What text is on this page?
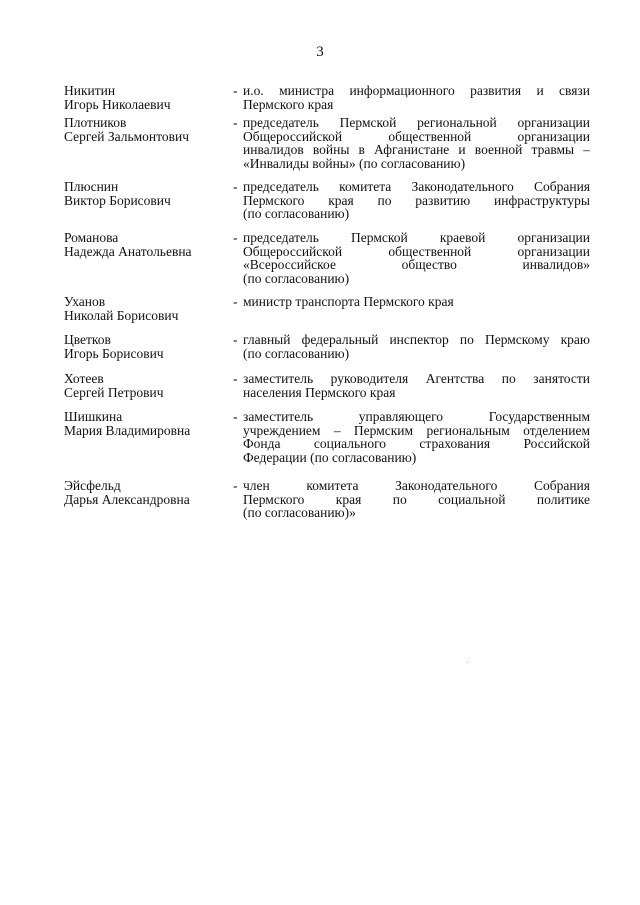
3
Никитин
Игорь Николаевич
- и.о. министра информационного развития и связи
Пермского края
Плотников
Сергей Зальмонтович
- председатель Пермской региональной организации
Общероссийской общественной организации
инвалидов войны в Афганистане и военной травмы –
«Инвалиды войны» (по согласованию)
Плюснин
Виктор Борисович
- председатель комитета Законодательного Собрания
Пермского края по развитию инфраструктуры
(по согласованию)
Романова
Надежда Анатольевна
- председатель Пермской краевой организации
Общероссийской общественной организации
«Всероссийское общество инвалидов»
(по согласованию)
Уханов
Николай Борисович
- министр транспорта Пермского края
Цветков
Игорь Борисович
- главный федеральный инспектор по Пермскому краю
(по согласованию)
Хотеев
Сергей Петрович
- заместитель руководителя Агентства по занятости
населения Пермского края
Шишкина
Мария Владимировна
- заместитель управляющего Государственным
учреждением – Пермским региональным отделением
Фонда социального страхования Российской
Федерации (по согласованию)
Эйсфельд
Дарья Александровна
- член комитета Законодательного Собрания
Пермского края по социальной политике
(по согласованию)»
